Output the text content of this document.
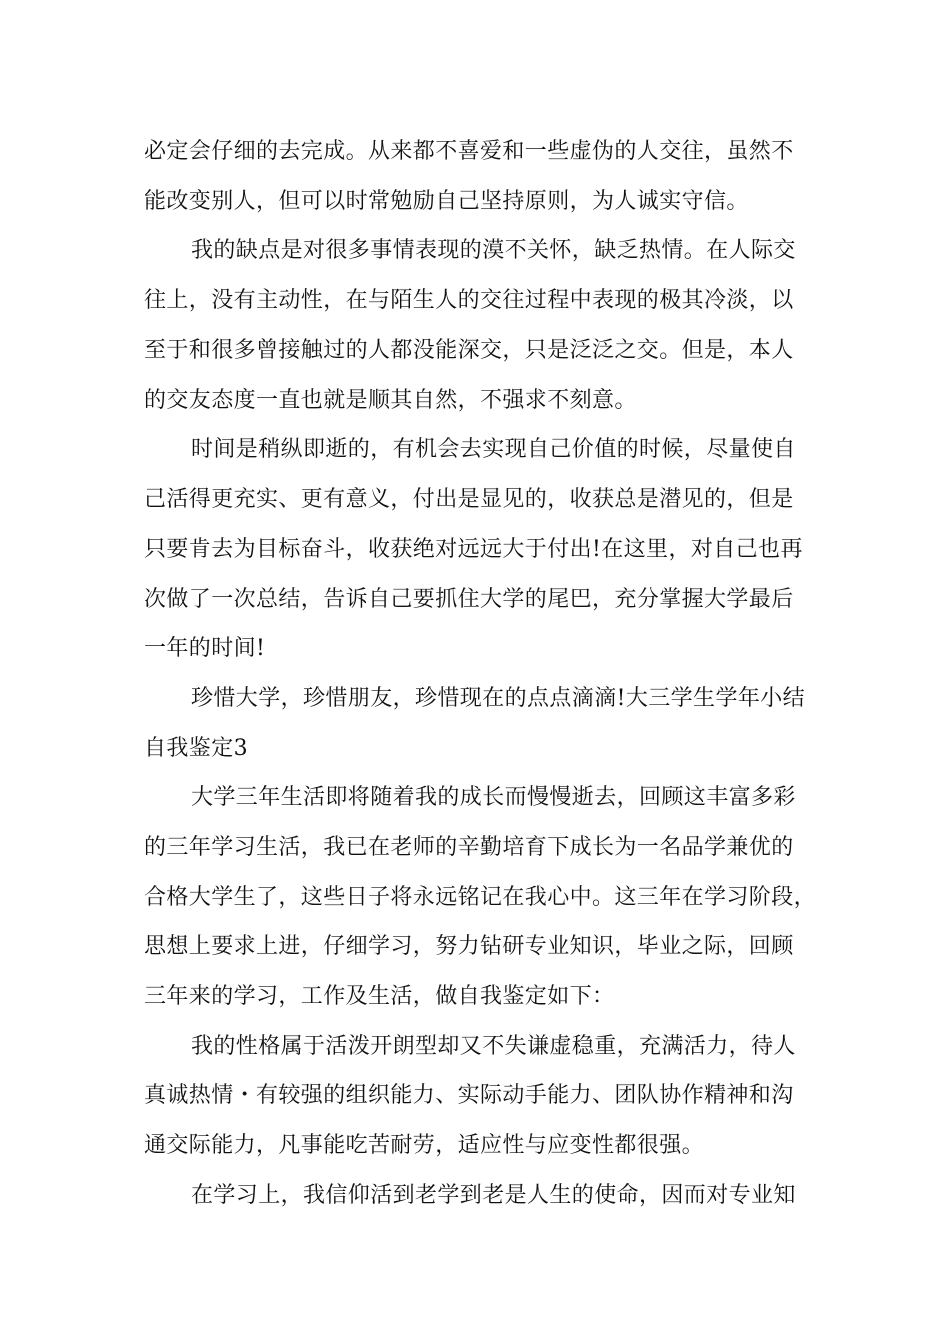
必定会仔细的去完成。从来都不喜爱和一些虚伪的人交往，虽然不
能改变别人，但可以时常勉励自己坚持原则，为人诚实守信。
我的缺点是对很多事情表现的漠不关怀，缺乏热情。在人际交
往上，没有主动性，在与陌生人的交往过程中表现的极其冷淡，以
至于和很多曾接触过的人都没能深交，只是泛泛之交。但是，本人
的交友态度一直也就是顺其自然，不强求不刻意。
时间是稍纵即逝的，有机会去实现自己价值的时候，尽量使自
己活得更充实、更有意义，付出是显见的，收获总是潜见的，但是
只要肯去为目标奋斗，收获绝对远远大于付出!在这里，对自己也再
次做了一次总结，告诉自己要抓住大学的尾巴，充分掌握大学最后
一年的时间!
珍惜大学，珍惜朋友，珍惜现在的点点滴滴!大三学生学年小结
自我鉴定3
大学三年生活即将随着我的成长而慢慢逝去，回顾这丰富多彩
的三年学习生活，我已在老师的辛勤培育下成长为一名品学兼优的
合格大学生了，这些日子将永远铭记在我心中。这三年在学习阶段，
思想上要求上进，仔细学习，努力钻研专业知识，毕业之际，回顾
三年来的学习，工作及生活，做自我鉴定如下：
我的性格属于活泼开朗型却又不失谦虚稳重，充满活力，待人
真诚热情・有较强的组织能力、实际动手能力、团队协作精神和沟
通交际能力，凡事能吃苦耐劳，适应性与应变性都很强。
在学习上，我信仰活到老学到老是人生的使命，因而对专业知
